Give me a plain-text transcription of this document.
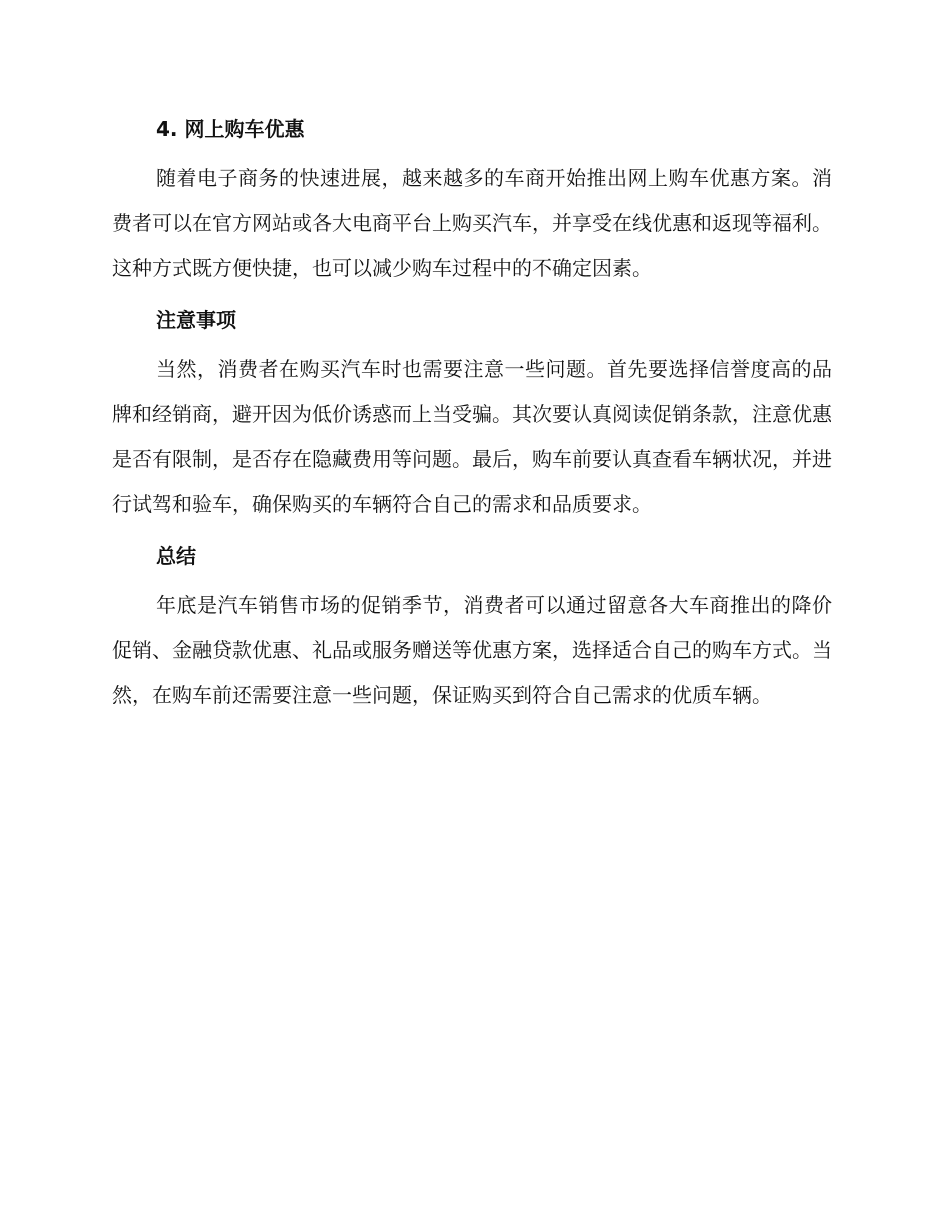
4. 网上购车优惠

随着电子商务的快速进展，越来越多的车商开始推出网上购车优惠方案。消费者可以在官方网站或各大电商平台上购买汽车，并享受在线优惠和返现等福利。这种方式既方便快捷，也可以减少购车过程中的不确定因素。

注意事项

当然，消费者在购买汽车时也需要注意一些问题。首先要选择信誉度高的品牌和经销商，避开因为低价诱惑而上当受骗。其次要认真阅读促销条款，注意优惠是否有限制，是否存在隐藏费用等问题。最后，购车前要认真查看车辆状况，并进行试驾和验车，确保购买的车辆符合自己的需求和品质要求。

总结

年底是汽车销售市场的促销季节，消费者可以通过留意各大车商推出的降价促销、金融贷款优惠、礼品或服务赠送等优惠方案，选择适合自己的购车方式。当然，在购车前还需要注意一些问题，保证购买到符合自己需求的优质车辆。
